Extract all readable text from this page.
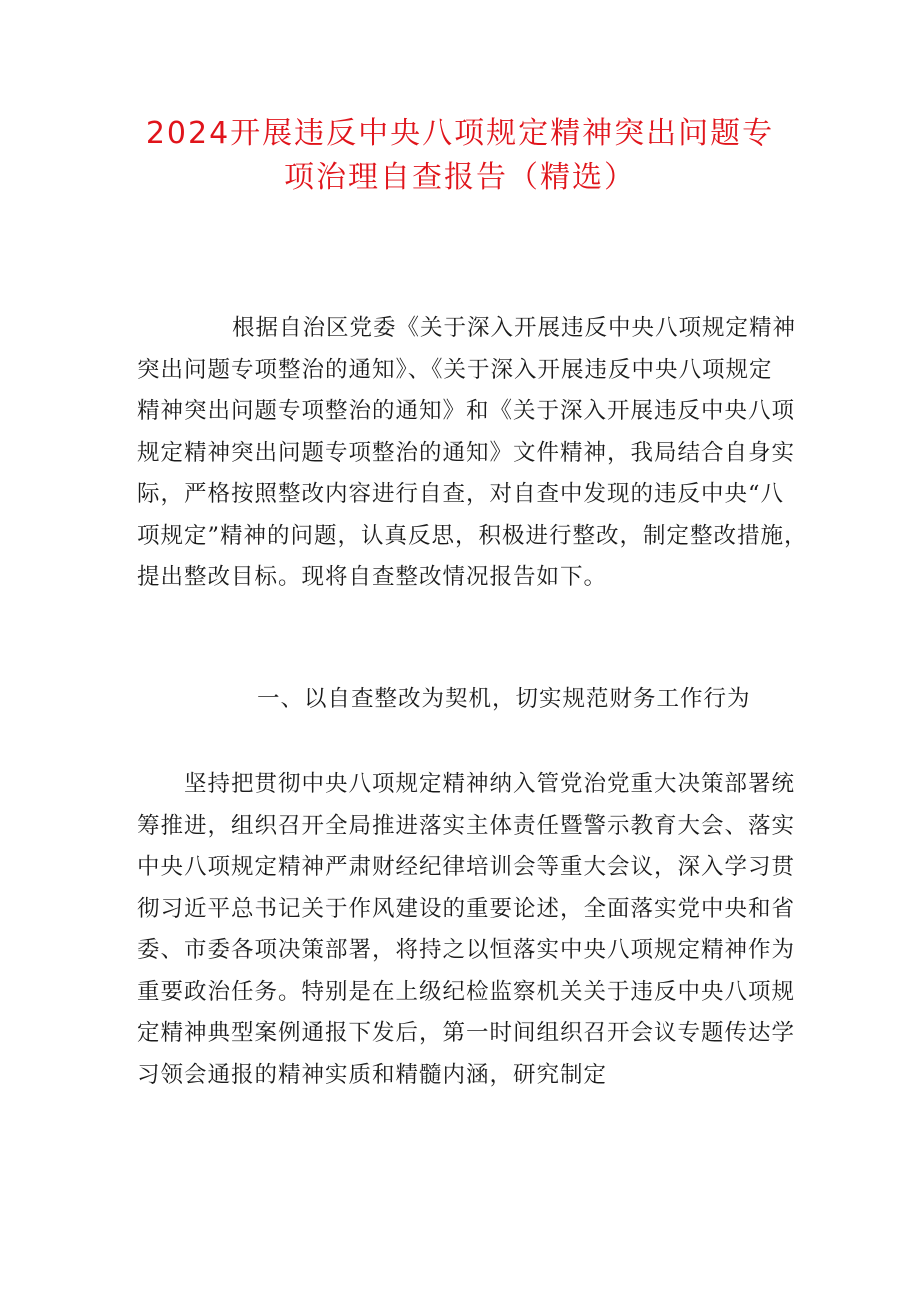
2024开展违反中央八项规定精神突出问题专
项治理自查报告（精选）
根据自治区党委《关于深入开展违反中央八项规定精神
突出问题专项整治的通知》、《关于深入开展违反中央八项规定
精神突出问题专项整治的通知》和《关于深入开展违反中央八项
规定精神突出问题专项整治的通知》文件精神，我局结合自身实
际，严格按照整改内容进行自查，对自查中发现的违反中央“八
项规定”精神的问题，认真反思，积极进行整改，制定整改措施，
提出整改目标。现将自查整改情况报告如下。
一、以自查整改为契机，切实规范财务工作行为
坚持把贯彻中央八项规定精神纳入管党治党重大决策部署统
筹推进，组织召开全局推进落实主体责任暨警示教育大会、落实
中央八项规定精神严肃财经纪律培训会等重大会议，深入学习贯
彻习近平总书记关于作风建设的重要论述，全面落实党中央和省
委、市委各项决策部署，将持之以恒落实中央八项规定精神作为
重要政治任务。特别是在上级纪检监察机关关于违反中央八项规
定精神典型案例通报下发后，第一时间组织召开会议专题传达学
习领会通报的精神实质和精髓内涵，研究制定
